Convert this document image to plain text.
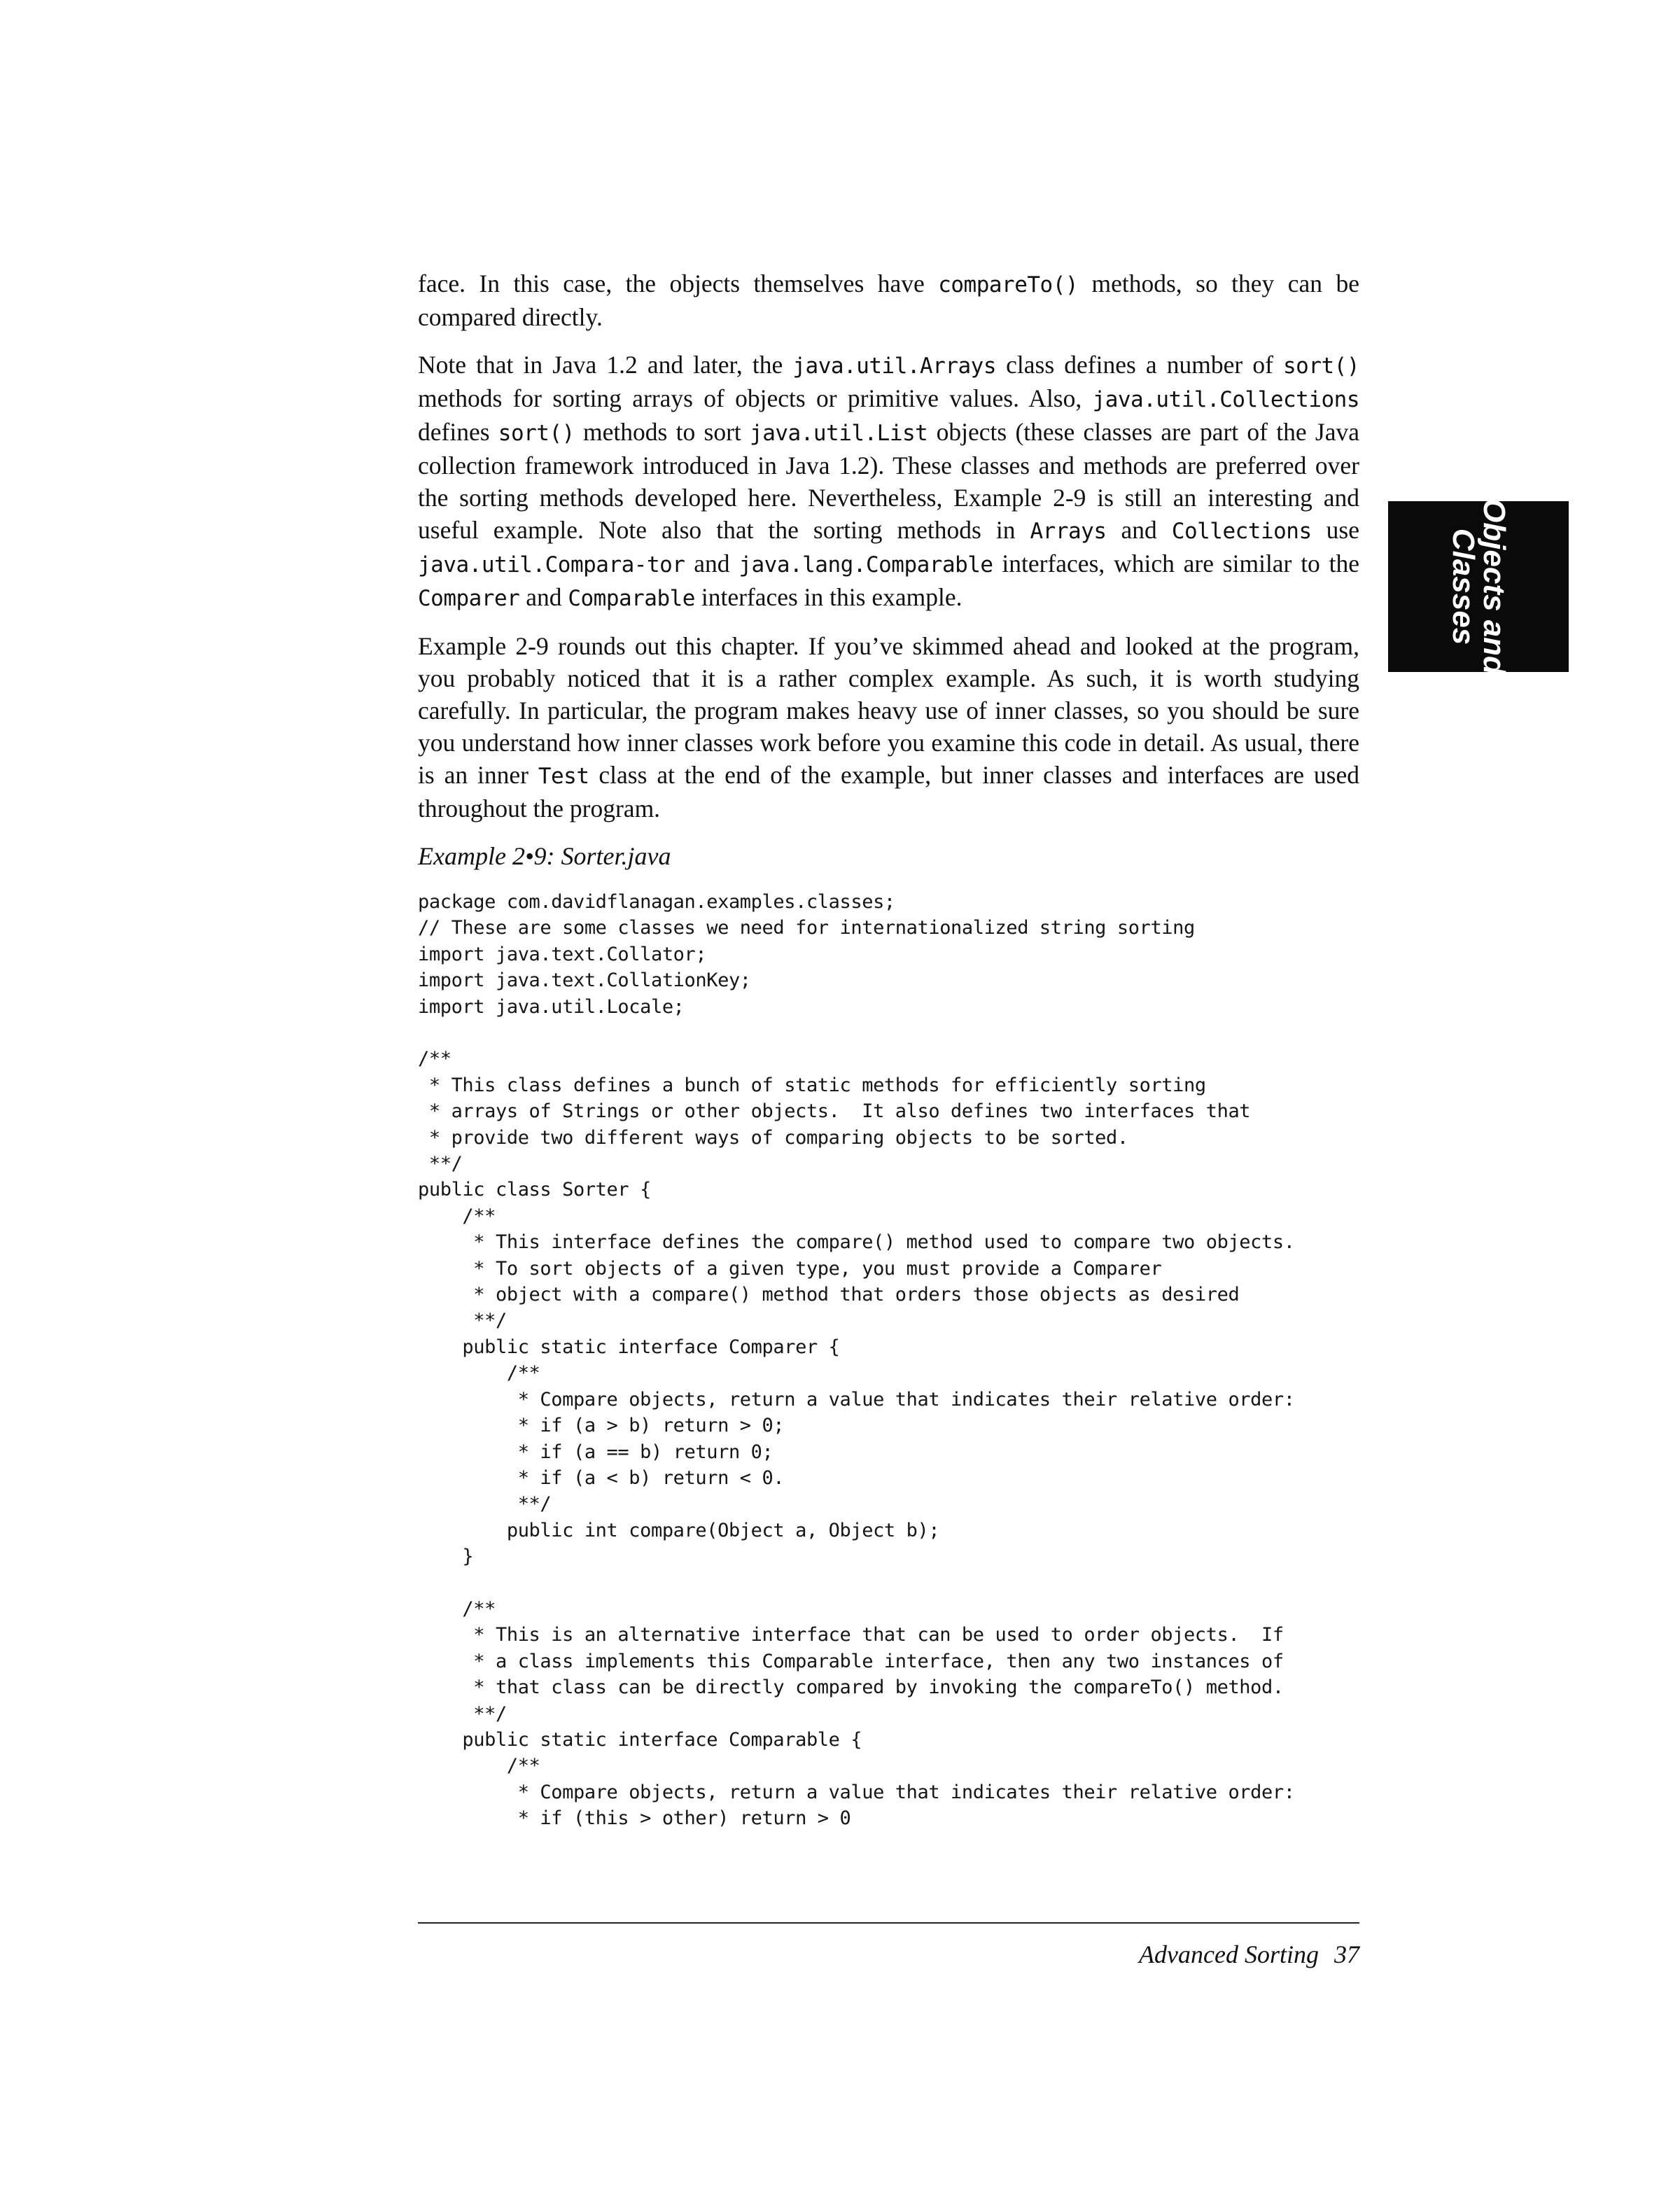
face. In this case, the objects themselves have compareTo() methods, so they can be compared directly.

Note that in Java 1.2 and later, the java.util.Arrays class defines a number of sort() methods for sorting arrays of objects or primitive values. Also, java.util.Collections defines sort() methods to sort java.util.List objects (these classes are part of the Java collection framework introduced in Java 1.2). These classes and methods are preferred over the sorting methods developed here. Nevertheless, Example 2-9 is still an interesting and useful example. Note also that the sorting methods in Arrays and Collections use java.util.Compara-tor and java.lang.Comparable interfaces, which are similar to the Comparer and Comparable interfaces in this example.

Example 2-9 rounds out this chapter. If you’ve skimmed ahead and looked at the program, you probably noticed that it is a rather complex example. As such, it is worth studying carefully. In particular, the program makes heavy use of inner classes, so you should be sure you understand how inner classes work before you examine this code in detail. As usual, there is an inner Test class at the end of the example, but inner classes and interfaces are used throughout the program.

Example 2•9: Sorter.java
package com.davidflanagan.examples.classes;
// These are some classes we need for internationalized string sorting
import java.text.Collator;
import java.text.CollationKey;
import java.util.Locale;
/**
* This class defines a bunch of static methods for efficiently sorting
* arrays of Strings or other objects.  It also defines two interfaces that
* provide two different ways of comparing objects to be sorted.
**/
public class Sorter {
/**
* This interface defines the compare() method used to compare two objects.
* To sort objects of a given type, you must provide a Comparer
* object with a compare() method that orders those objects as desired
**/
public static interface Comparer {
/**
* Compare objects, return a value that indicates their relative order:
* if (a > b) return > 0;
* if (a == b) return 0;
* if (a < b) return < 0.
**/
public int compare(Object a, Object b);
}
/**
* This is an alternative interface that can be used to order objects.  If
* a class implements this Comparable interface, then any two instances of
* that class can be directly compared by invoking the compareTo() method.
**/
public static interface Comparable {
/**
* Compare objects, return a value that indicates their relative order:
* if (this > other) return > 0
Objects and
Classes
Advanced Sorting 37
